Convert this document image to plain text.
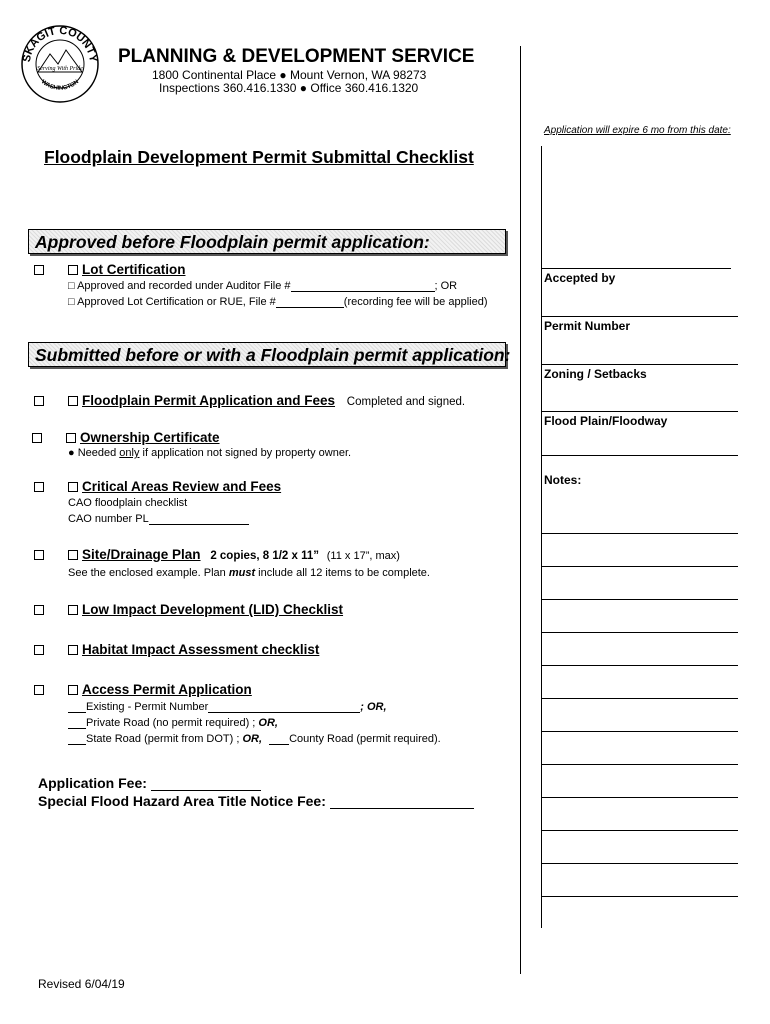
SKAGIT COUNTY
WASHINGTON
Serving With Pride
PLANNING & DEVELOPMENT SERVICE
1800 Continental Place ● Mount Vernon, WA 98273
Inspections 360.416.1330 ● Office 360.416.1320
Application will expire 6 mo from this date:
Floodplain Development Permit Submittal Checklist
Approved before Floodplain permit application:
Lot Certification
□ Approved and recorded under Auditor File #	; OR
□ Approved Lot Certification or RUE, File #	(recording fee will be applied)
Submitted before or with a Floodplain permit application:
Floodplain Permit Application and Fees Completed and signed.
Ownership Certificate
● Needed only if application not signed by property owner.
Critical Areas Review and Fees
CAO floodplain checklist
CAO number PL
Site/Drainage Plan 2 copies, 8 1/2 x 11” (11 x 17”, max)
See the enclosed example. Plan must include all 12 items to be complete.
Low Impact Development (LID) Checklist
Habitat Impact Assessment checklist
Access Permit Application
Existing - Permit Number	; OR,
Private Road (no permit required) ; OR,
State Road (permit from DOT) ; OR, County Road (permit required).
Application Fee:
Special Flood Hazard Area Title Notice Fee:
Revised 6/04/19
Accepted by
Permit Number
Zoning / Setbacks
Flood Plain/Floodway
Notes:
